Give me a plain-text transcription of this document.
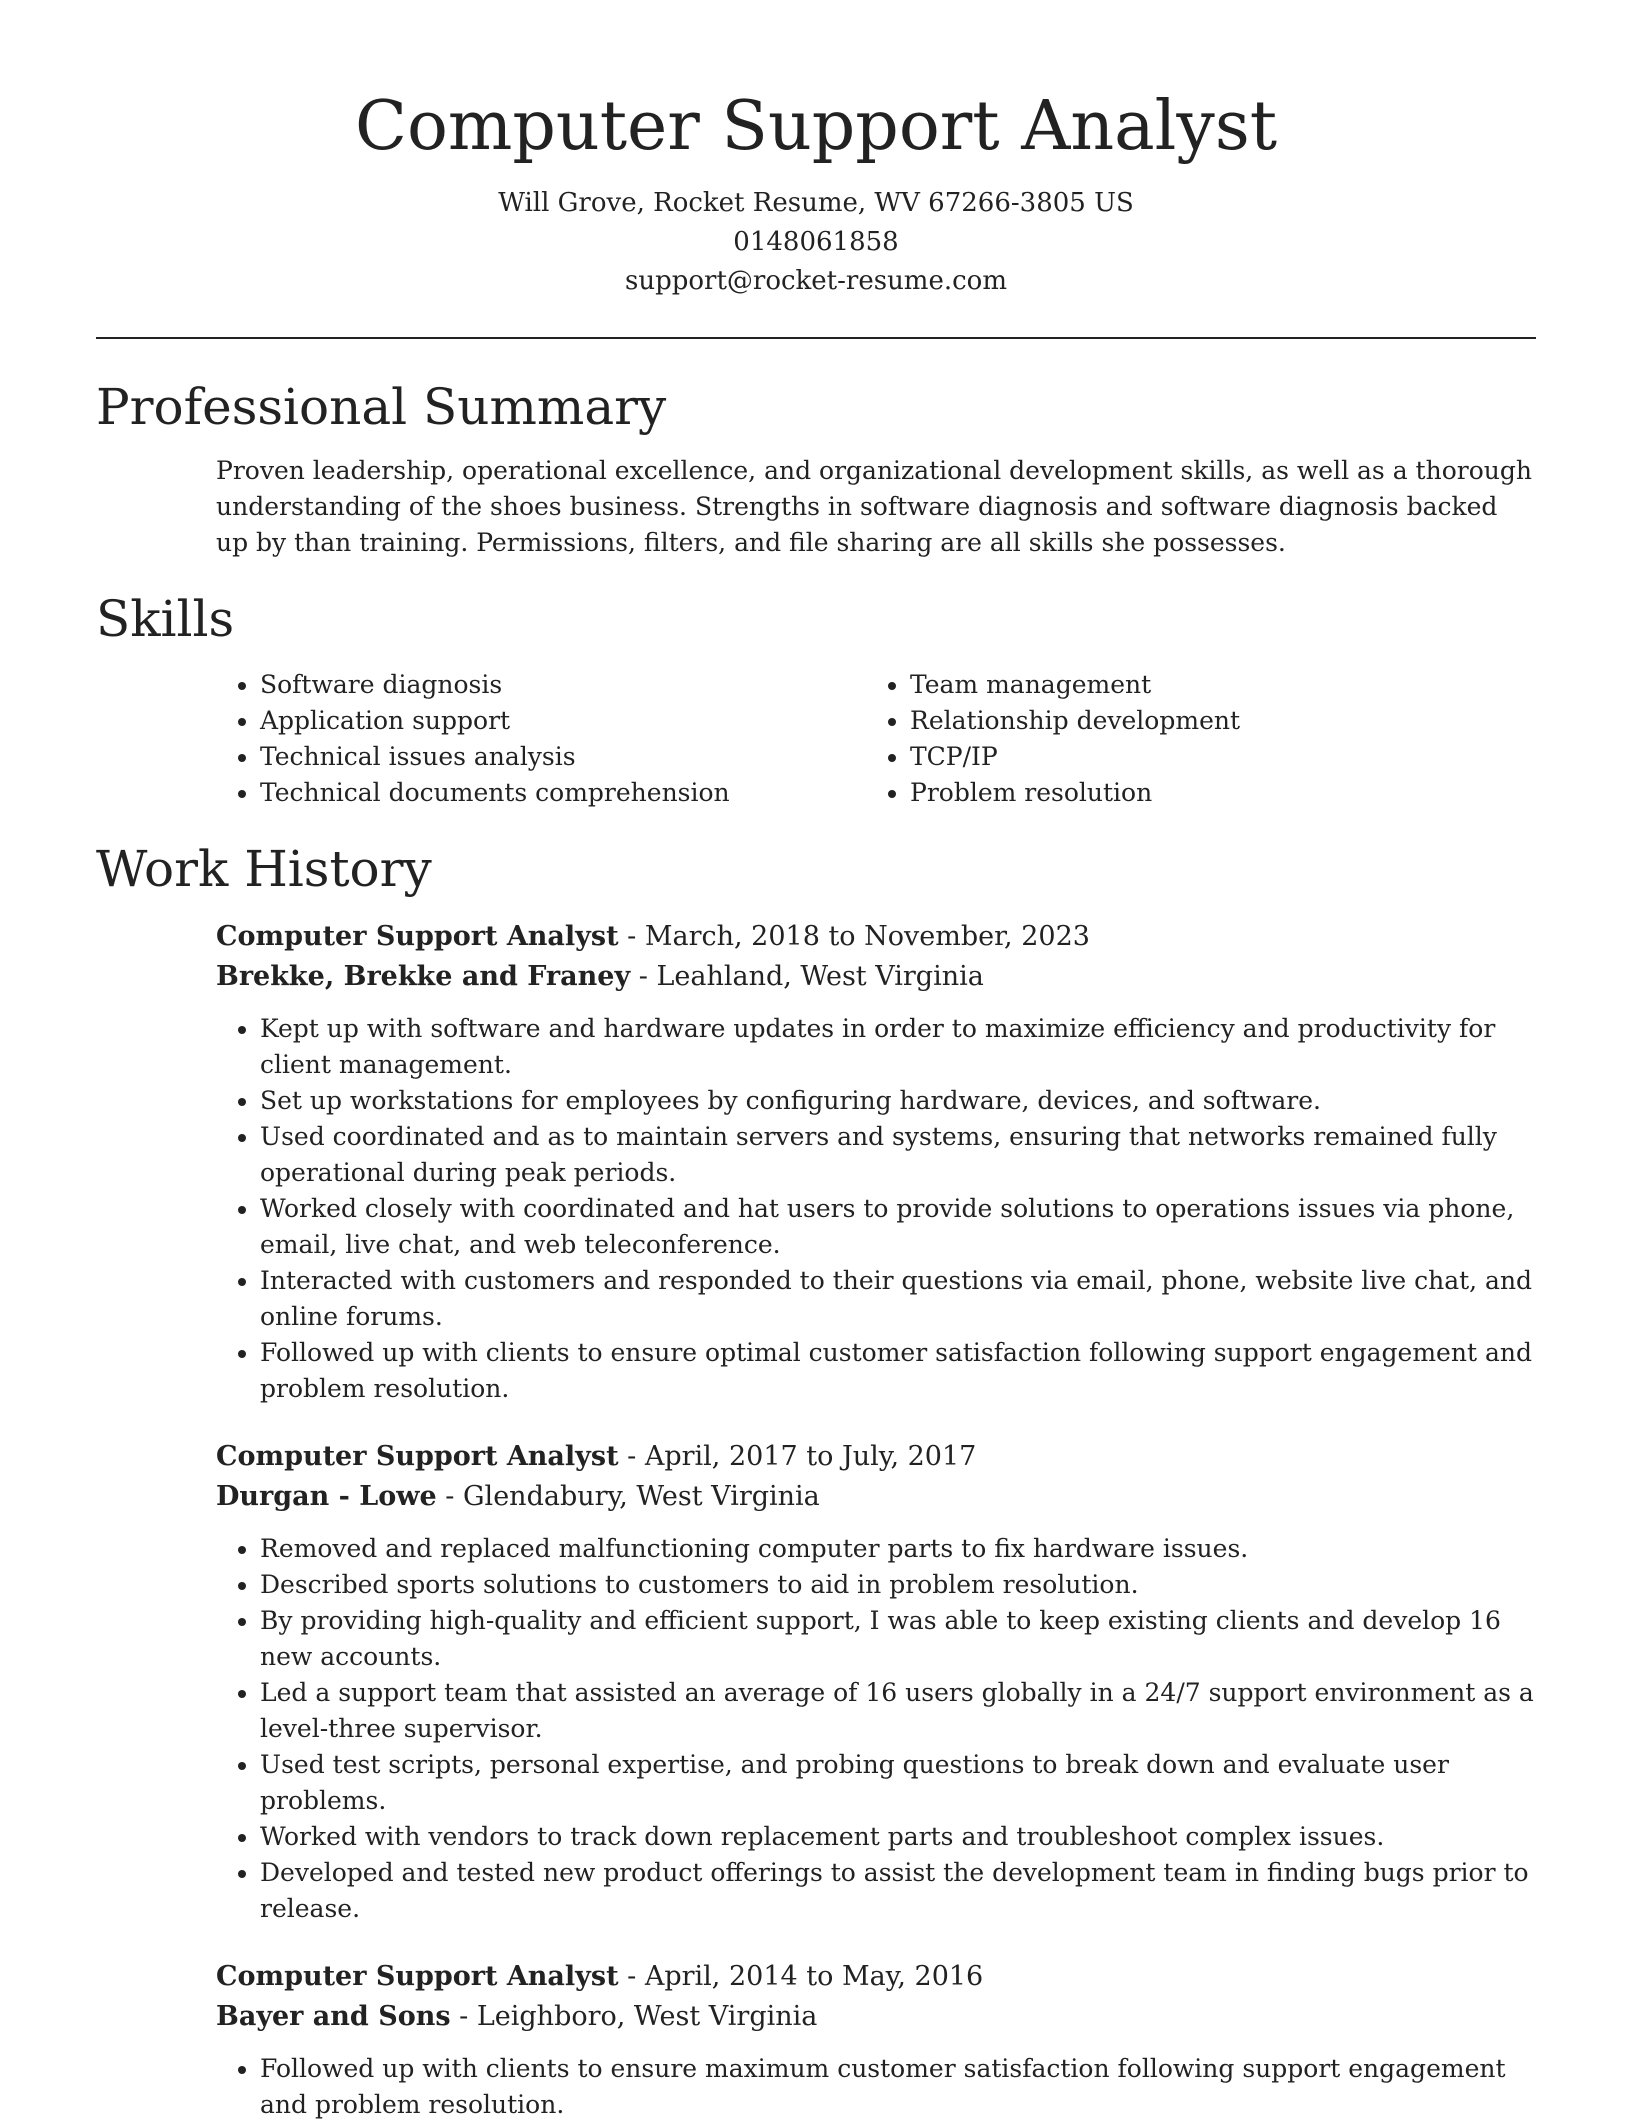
Computer Support Analyst
Will Grove, Rocket Resume, WV 67266-3805 US
0148061858
support@rocket-resume.com
Professional Summary

Proven leadership, operational excellence, and organizational development skills, as well as a thorough understanding of the shoes business. Strengths in software diagnosis and software diagnosis backed up by than training. Permissions, filters, and file sharing are all skills she possesses.

Skills
• Software diagnosis
• Application support
• Technical issues analysis
• Technical documents comprehension
• Team management
• Relationship development
• TCP/IP
• Problem resolution
Work History
Computer Support Analyst - March, 2018 to November, 2023
Brekke, Brekke and Franey - Leahland, West Virginia
• Kept up with software and hardware updates in order to maximize efficiency and productivity for client management.
• Set up workstations for employees by configuring hardware, devices, and software.
• Used coordinated and as to maintain servers and systems, ensuring that networks remained fully operational during peak periods.
• Worked closely with coordinated and hat users to provide solutions to operations issues via phone, email, live chat, and web teleconference.
• Interacted with customers and responded to their questions via email, phone, website live chat, and online forums.
• Followed up with clients to ensure optimal customer satisfaction following support engagement and problem resolution.
Computer Support Analyst - April, 2017 to July, 2017
Durgan - Lowe - Glendabury, West Virginia
• Removed and replaced malfunctioning computer parts to fix hardware issues.
• Described sports solutions to customers to aid in problem resolution.
• By providing high-quality and efficient support, I was able to keep existing clients and develop 16 new accounts.
• Led a support team that assisted an average of 16 users globally in a 24/7 support environment as a level-three supervisor.
• Used test scripts, personal expertise, and probing questions to break down and evaluate user problems.
• Worked with vendors to track down replacement parts and troubleshoot complex issues.
• Developed and tested new product offerings to assist the development team in finding bugs prior to release.
Computer Support Analyst - April, 2014 to May, 2016
Bayer and Sons - Leighboro, West Virginia
• Followed up with clients to ensure maximum customer satisfaction following support engagement and problem resolution.
